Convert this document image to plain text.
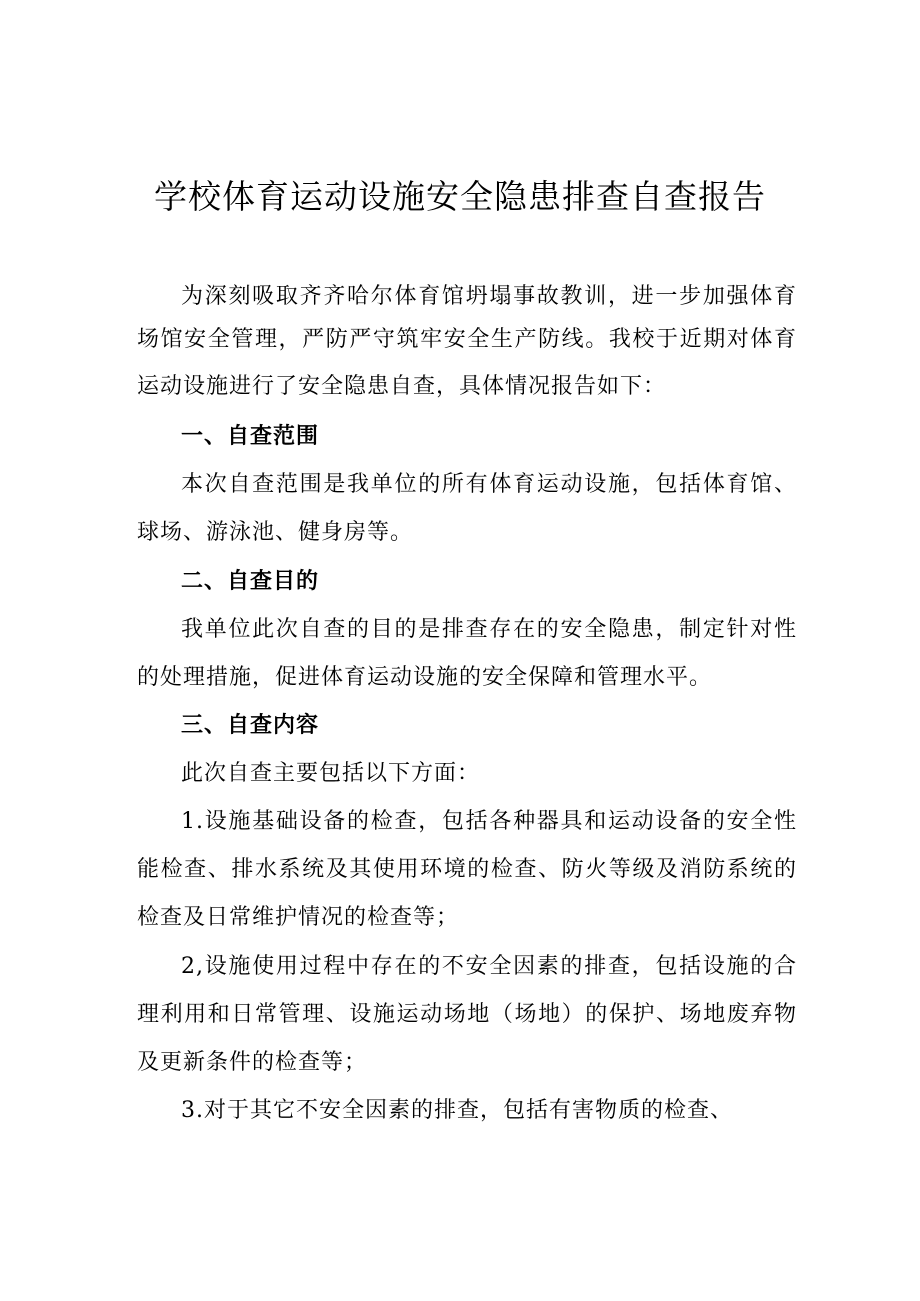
学校体育运动设施安全隐患排查自查报告
为深刻吸取齐齐哈尔体育馆坍塌事故教训，进一步加强体育
场馆安全管理，严防严守筑牢安全生产防线。我校于近期对体育
运动设施进行了安全隐患自查，具体情况报告如下：
一、自查范围
本次自查范围是我单位的所有体育运动设施，包括体育馆、
球场、游泳池、健身房等。
二、自查目的
我单位此次自查的目的是排查存在的安全隐患，制定针对性
的处理措施，促进体育运动设施的安全保障和管理水平。
三、自查内容
此次自查主要包括以下方面：
1.设施基础设备的检查，包括各种器具和运动设备的安全性
能检查、排水系统及其使用环境的检查、防火等级及消防系统的
检查及日常维护情况的检查等；
2,设施使用过程中存在的不安全因素的排查，包括设施的合
理利用和日常管理、设施运动场地（场地）的保护、场地废弃物
及更新条件的检查等；
3.对于其它不安全因素的排查，包括有害物质的检查、
